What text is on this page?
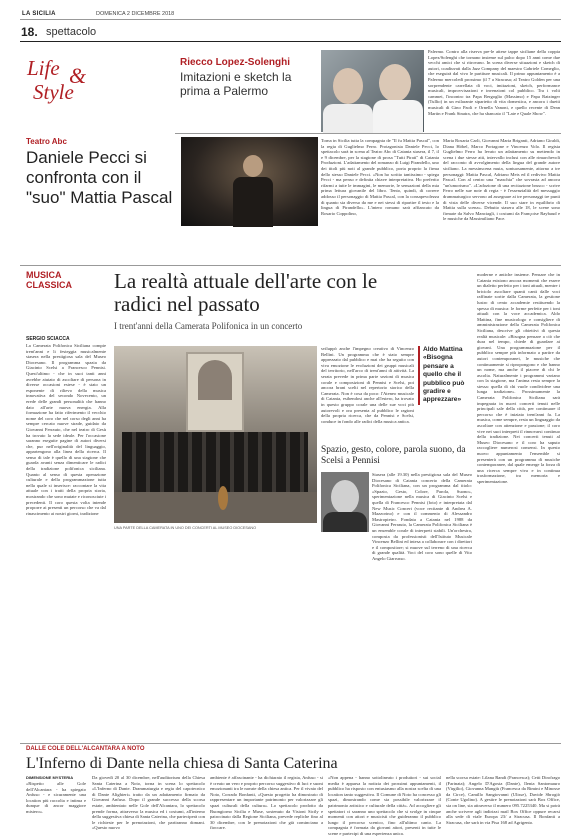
LA SICILIA	DOMENICA 2 DICEMBRE 2018
18. spettacolo
Life &
Style
Riecco Lopez-Solenghi
Imitazioni e sketch la prima a Palermo
Palermo. Contro alla riserva pre-le attese tappe siciliane della coppia Lopez/Solenghi che tornano insieme sul palco dopo 15 anni come due vecchi amici che si ritrovano. In scena diverse situazioni e sketch di autori, coadiuvati dalla Jazz Company del maestro Gabriele Comeglio, che eseguirà dal vivo le partiture musicali. Il primo appuntamento è a Palermo mercoledì prossimo (il 7 a Siracusa; al Teatro Golden per una sorprendente carrellata di voci, imitazioni, sketch, performance musicali, improvvisazioni e invenzioni col pubblico. Tra i volti cammei, l'incontro tra Papa Bergoglio (Massimo) e Papa Ratzinger (Tullio) in un esilarante siparietto di vita domestica, e ancora i duetti musicali di Gino Paoli e Ornella Vanoni, e quello recente di Dean Martin e Frank Sinatra, che ha sbancato il "Late e Quale Show".
Teatro Abc
Daniele Pecci si confronta con il "suo" Mattia Pascal
Torna in Sicilia tutta la compagnia de "Il fu Mattia Pascal", con la regia di Guglielmo Ferro. Protagonista Daniele Pecci, lo spettacolo sarà in scena al Teatro Abc di Catania stasera, il 7, il e 9 dicembre, per la stagione di prosa "Tutti Pirati" di Catania Produzioni. L'adattamento del romanzo di Luigi Pirandello, uno dei titoli più noti al grande pubblico, porta proprio la firma dello stesso Daniele Pecci. «Non ho scritto tantissimo - spiega Pecci - ma penso e definita chiave interpretativa. Ho preferito rifarmi a tutte le immagini, le memorie, le sensazioni della mia prima lettura giovanile del libro. Tento, quindi, di correre addosso il personaggio di Mattia Pascal, con la consapevolezza di quanto sia diverso da me e nei stessi di ripartire il testo e la lingua di Pirandello». L'intero romano sarà affiancato da Rosario Coppolino,
Maria Rosaria Carli, Giovanni Maria Briganti, Adriano Giraldi, Diana Höbel, Marco Portagone e Vincenzo Volo. Il regista Guglielmo Ferro ha levato un adattamento su mettendo in scena i due stesse atti, intervallo inclusi con alle rimarchevoli del racconto di avvolgimento della lingua del grande autore siciliano. La messinscena muta, sontuosamente, attorno a tre personaggi: Mattia Pascal, Adriano Meis ed il redivivo Mattia Pascal. Con al centro una "maschia" che sovrasta ad ancora "un'umorismo". «L'adozione di una recitazione brusco - scrive Ferro nelle sue note di regia - è l'essenzialità del messaggio drammaturgico servono ad assegnare ai tre personaggi tre punti di vista delle diverse vicende. Il suo stare in equilibrio di Mattia sulla scena». Debutto stasera alle 18, le scene sono firmate da Salvo Manciagli, i costumi da Françoise Raybaud e le musiche da Massimiliano Pace.
MUSICA
CLASSICA La realtà attuale dell'arte con le radici nel passato
I trent'anni della Camerata Polifonica in un concerto
SERGIO SCIACCA
La Camerata Polifonica Siciliana compie trent'anni e li festeggia musicalmente stasera nella prestigiosa sala del Museo Diocesano. Il programma spazia da Giacinto Scelsi a Francesco Pennisi. Quest'ultimo - che in suoi tanti anni avrebbe aiutato di ascoltare di persona in diverse occasioni estese - è stato un esponente di rilievo della musica innovativa del secondo Novecento, un erede delle grandi personalità che hanno dato all'arte nuova energia. Alla formazione ha fatto riferimento il vecchio nome del coro che nel corso degli anni ha sempre cercato nuove strade, guidato da Giovanni Ferrauto, che nel teatro di Gesù ha trovato la sede ideale. Per l'occasione saranno eseguite pagine di autori diversi che, pur nell'originalità del linguaggio, appartengono alla linea della ricerca. Il senso di tale è quello di una stagione che guarda avanti senza dimenticare le radici della tradizione polifonica siciliana. Quanto al senso di questa operazione culturale e della programmazione tutta nella quale si inserisce: raccontare la vita attuale con i tratti della propria storia, mostrando che sono mutate e riconosciute i precedenti. Il coro questa volta intende proporre ai presenti un percorso che va dal rinascimento ai nostri giorni, tradizione
UNA PARTE DELLA CAMERATA IN UNO DEI CONCERTI AL MUSEO DIOCESANO
sviluppò anche l'impegno creativo di Vincenzo Bellini. Un programma che è stato sempre apprezzato dal pubblico e mai che ha seguito con viva emozione le evoluzioni dei gruppi musicali del territorio, nell'arco di trent'anni di attività. La serata prevede in prima parte sezioni di musica corale e composizioni di Pennisi e Scelsi, poi ancora brani scelti nel repertorio storico della Camerata. Non è cosa da poco: l'Ateneo musicale di Catania, esibendosi anche all'estero, ha trovato in questo gruppo corale una delle sue voci più autorevoli e ora presenta al pubblico le ragioni della propria ricerca, che da Pennisi e Scelsi, conduce in fondo alle radici della musica antica.
Aldo Mattina «Bisogna pensare a quello che il pubblico può gradire e apprezzare»
Spazio, gesto, colore, parola suono, da Scelsi a Pennisi
Stasera (alle 19.30) nella prestigiosa sala del Museo Diocesano di Catania concerto della Camerata Polifonica Siciliana, con un programma dal titolo: «Spazio, Gesto, Colore, Parola, Suono», sperimentazione nella musica di Giacinto Scelsi e quella di Francesco Pennisi (foto) e interpretata dal New Music Concert (voce recitante di Andrea A. Mazzorino) e con il commento di Alessandro Mastropietro. Fondata a Catania nel 1988 da Giovanni Ferrauto, la Camerata Polifonica Siciliana è un ensemble corale di interpreti stabili. Un'orchestra, composta da professionisti dell'Istituto Musicale Vincenzo Bellini ed intesa a collaborare con i direttori e il compositore; si muove sul terreno di una ricerca di grande qualità. Voci del coro sono quelle di Vito Angelo Giarrusso.
moderne e antiche insieme. Pensare che in Catania esistono ancora momenti che essere un dialetto perfetto per i toni attuali, mentre i briciolo ascoltare quanti canti dalle voci raffinate sorite dalla Camerata, la gestione lustro di cento accademie restituendo la spesso di musica: le forme perfette per i toni attuali con la voce accademica. Aldo Mattina, fine musicologo e consigliere di amministrazione della Camerata Polifonica Siciliana, descrive gli obiettivi di questa realtà musicale: «Bisogna pensare a ciò che dura nel tempo, chiede di guardare ai giovani. Una programmazione per il pubblico sempre più informato a partire da autori contemporanei, le musiche che continuamente si ripropongono e che hanno un nome, ma anche il piacere di chi le ascolta. Naturalmente i programmi variano con la stagione, ma l'anima resta sempre la stessa: quella di chi vuole condividere una lunga tradizione». Prossimamente la Camerata Polifonica Siciliana sarà impegnata in nuovi concerti tenuti nelle principali sale della città, per continuare il percorso che è iniziato trent'anni fa. La musica, come sempre, resta un linguaggio da ascoltare con attenzione e passione; il coro vive nei suoi interpreti il rinnovarsi continuo della tradizione. Nei concerti tenuti al Museo Diocesano e il coro ha saputo raccogliere numerosi consensi. In questo nuovo appuntamento l'ensemble si presenterà con un programma di musiche contemporanee, dal quale emerge la forza di una ricerca sempre viva e in continua trasformazione, tra memoria e sperimentazione.
DALLE COLE DELL'ALCANTARA A NOTO
L'Inferno di Dante nella chiesa di Santa Caterina
DIMENSIONE MYSTERIA
«Rispetto alle Gole dell'Alcantara - ha spiegato Anfuso - e sicuramente una location più raccolta e intima e dunque di ancor maggiore mistero».
Da giovedì 20 al 30 dicembre, nell'auditorium della Chiesa Santa Caterina a Noto, torna in scena lo spettacolo «L'Inferno di Dante. Drammaturgia e regia del capotecnico di Dante Alighieri» tratto da un adattamento firmato da Giovanni Anfuso. Dopo il grande successo della scorsa estate, ambientato nelle Gole dell'Alcantara, lo spettacolo prende forma, attraverso la musica ed i costumi, all'interno della suggestiva chiesa di Santa Caterina, che parteciperà con le richieste per le prenotazioni, che partiranno domani. «Questo nuovo
ambiente è affascinante - ha dichiarato il regista, Anfuso - si è creato un vero e proprio percorso suggestivo di luci e suoni emozionanti tra le navate della chiesa antica. Per il vivaio del Noto, Corrado Bonfanti, «Questo progetto ha dimostrato di rappresentare un importante patrimonio per valorizzare gli spazi culturali della cultura». Lo spettacolo prodotto da Buongiorno Sicilia e Muse, sostenuto da Visioni Sicily e patrocinato dalla Regione Siciliana, prevede repliche fino al 30 dicembre, con le prenotazioni che già cominciano a fioccare.
«Non appena - hanno sottolineato i produttori - sui social media è apparsa la notizia dei prossimi appuntamenti, il pubblico ha risposto con entusiasmo alla nostra scelta di una location tanto suggestiva. Il Comune di Noto ha concesso gli spazi, dimostrando come sia possibile valorizzare il patrimonio artistico e culturale della città». Ad accogliere gli spettatori ci saranno uno spettacolo che si svolge in cinque momenti con attori e musicisti che guideranno il pubblico lungo il percorso scenico, fino all'ultimo canto. La compagnia è formata da giovani attori, presenti in tutte le scene e partecipi di una esperienza unica.
nella scorsa estate: Lilana Randi (Francesca); Cetti Dirofrago (Farinata); Angelo D'Agosta (Dante), Ilenia Santomauro (Virgilio), Giovanna Mangiù (Francesca da Rimini e Minosse da Circe), Camillo Sangiovanni (Ulisse), Davide Sbrogiò (Conte Ugolino). A gestire le prenotazioni sarà Box Office, sia on line, sia attraverso il numero 095.7225340. Ma si potrà anche scrivere agli indirizzi mail Box Office oppure recarsi alla sede di viale Europa 23/ a Siracusa. Il Bonfanti a Siracusa, che sarà in via Pisa 168 ad Agrigento.
